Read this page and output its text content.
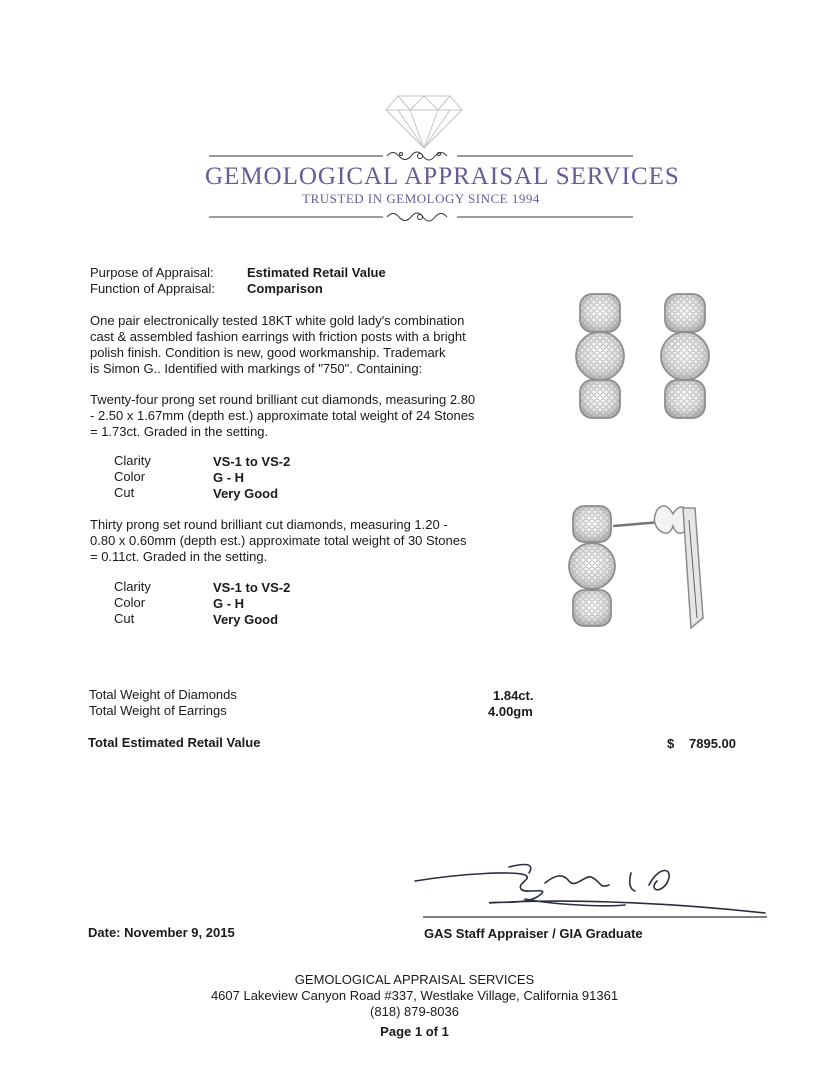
GEMOLOGICAL APPRAISAL SERVICES
TRUSTED IN GEMOLOGY SINCE 1994
Purpose of Appraisal:	Estimated Retail Value
Function of Appraisal: Comparison
One pair electronically tested 18KT white gold lady's combination
cast & assembled fashion earrings with friction posts with a bright
polish finish. Condition is new, good workmanship. Trademark
is Simon G.. Identified with markings of "750". Containing:
Twenty-four prong set round brilliant cut diamonds, measuring 2.80
- 2.50 x 1.67mm (depth est.) approximate total weight of 24 Stones
= 1.73ct. Graded in the setting.
Clarity	VS-1 to VS-2
Color	G - H
Cut	Very Good
Thirty prong set round brilliant cut diamonds, measuring 1.20 -
0.80 x 0.60mm (depth est.) approximate total weight of 30 Stones
= 0.11ct. Graded in the setting.
Clarity	VS-1 to VS-2
Color	G - H
Cut	Very Good
Total Weight of Diamonds	1.84ct.
Total Weight of Earrings	4.00gm
Total Estimated Retail Value	$ 7895.00
Date: November 9, 2015	GAS Staff Appraiser / GIA Graduate
GEMOLOGICAL APPRAISAL SERVICES
4607 Lakeview Canyon Road #337, Westlake Village, California 91361
(818) 879-8036
Page 1 of 1
